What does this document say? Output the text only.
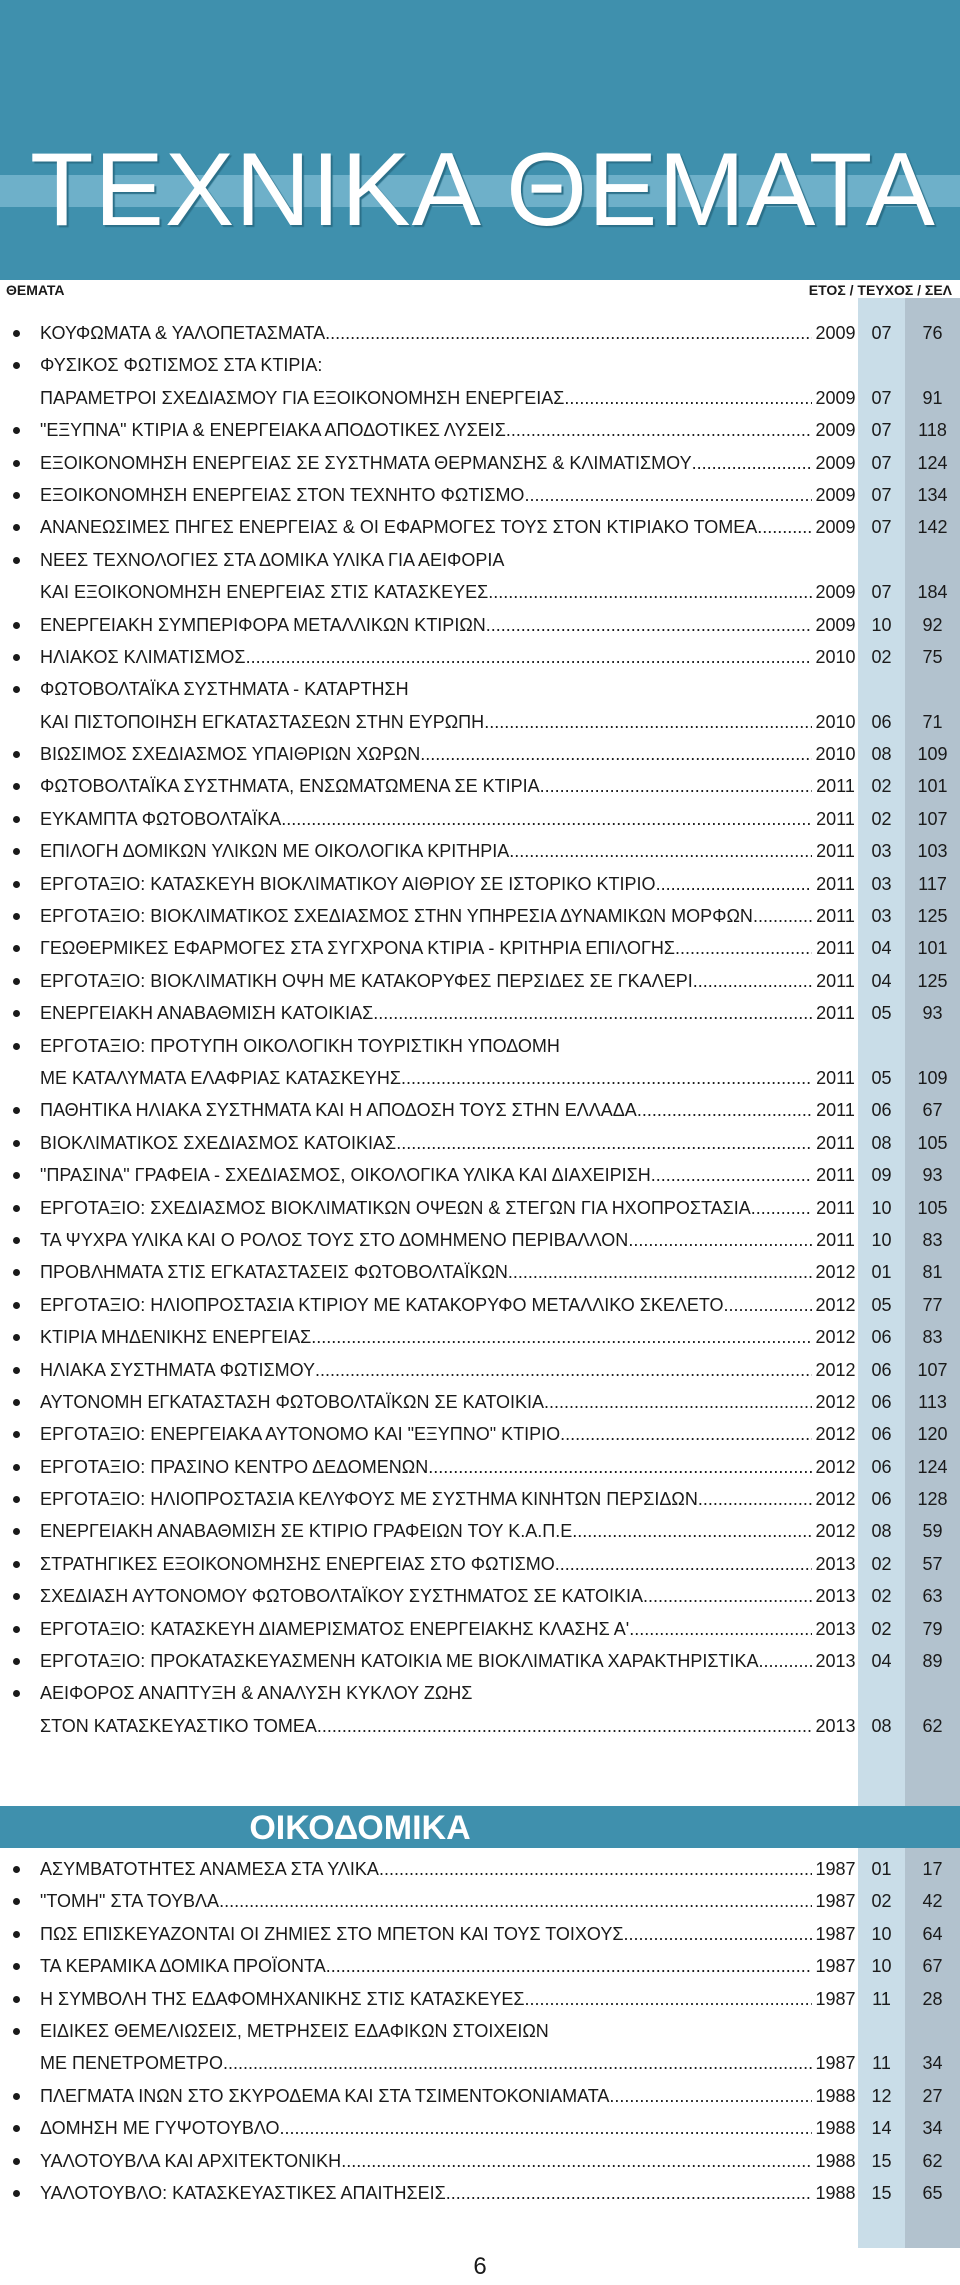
ΤΕΧΝΙΚΑ ΘΕΜΑΤΑ
ΘΕΜΑΤΑ	ΕΤΟΣ / ΤΕΥΧΟΣ / ΣΕΛ
ΚΟΥΦΩΜΑΤΑ & ΥΑΛΟΠΕΤΑΣΜΑΤΑ .....	2009 07	76
ΦΥΣΙΚΟΣ ΦΩΤΙΣΜΟΣ ΣΤΑ ΚΤΙΡΙΑ:
ΠΑΡΑΜΕΤΡΟΙ ΣΧΕΔΙΑΣΜΟΥ ΓΙΑ ΕΞΟΙΚΟΝΟΜΗΣΗ ΕΝΕΡΓΕΙΑΣ .....	2009 07	91
"ΕΞΥΠΝΑ" ΚΤΙΡΙΑ & ΕΝΕΡΓΕΙΑΚΑ ΑΠΟΔΟΤΙΚΕΣ ΛΥΣΕΙΣ .....	2009 07	118
ΕΞΟΙΚΟΝΟΜΗΣΗ ΕΝΕΡΓΕΙΑΣ ΣΕ ΣΥΣΤΗΜΑΤΑ ΘΕΡΜΑΝΣΗΣ & ΚΛΙΜΑΤΙΣΜΟΥ .....	2009 07	124
ΕΞΟΙΚΟΝΟΜΗΣΗ ΕΝΕΡΓΕΙΑΣ ΣΤΟΝ ΤΕΧΝΗΤΟ ΦΩΤΙΣΜΟ .....	2009 07	134
ΑΝΑΝΕΩΣΙΜΕΣ ΠΗΓΕΣ ΕΝΕΡΓΕΙΑΣ & ΟΙ ΕΦΑΡΜΟΓΕΣ ΤΟΥΣ ΣΤΟΝ ΚΤΙΡΙΑΚΟ ΤΟΜΕΑ .....	2009 07	142
ΝΕΕΣ ΤΕΧΝΟΛΟΓΙΕΣ ΣΤΑ ΔΟΜΙΚΑ ΥΛΙΚΑ ΓΙΑ ΑΕΙΦΟΡΙΑ
ΚΑΙ ΕΞΟΙΚΟΝΟΜΗΣΗ ΕΝΕΡΓΕΙΑΣ ΣΤΙΣ ΚΑΤΑΣΚΕΥΕΣ .....	2009 07	184
ΕΝΕΡΓΕΙΑΚΗ ΣΥΜΠΕΡΙΦΟΡΑ ΜΕΤΑΛΛΙΚΩΝ ΚΤΙΡΙΩΝ .....	2009 10	92
ΗΛΙΑΚΟΣ ΚΛΙΜΑΤΙΣΜΟΣ .....	2010 02	75
ΦΩΤΟΒΟΛΤΑΪΚΑ ΣΥΣΤΗΜΑΤΑ - ΚΑΤΑΡΤΗΣΗ
ΚΑΙ ΠΙΣΤΟΠΟΙΗΣΗ ΕΓΚΑΤΑΣΤΑΣΕΩΝ ΣΤΗΝ ΕΥΡΩΠΗ .....	2010 06	71
ΒΙΩΣΙΜΟΣ ΣΧΕΔΙΑΣΜΟΣ ΥΠΑΙΘΡΙΩΝ ΧΩΡΩΝ .....	2010 08	109
ΦΩΤΟΒΟΛΤΑΪΚΑ ΣΥΣΤΗΜΑΤΑ, ΕΝΣΩΜΑΤΩΜΕΝΑ ΣΕ ΚΤΙΡΙΑ .....	2011 02	101
ΕΥΚΑΜΠΤΑ ΦΩΤΟΒΟΛΤΑΪΚΑ .....	2011 02	107
ΕΠΙΛΟΓΗ ΔΟΜΙΚΩΝ ΥΛΙΚΩΝ ΜΕ ΟΙΚΟΛΟΓΙΚΑ ΚΡΙΤΗΡΙΑ .....	2011 03	103
ΕΡΓΟΤΑΞΙΟ: ΚΑΤΑΣΚΕΥΗ ΒΙΟΚΛΙΜΑΤΙΚΟΥ ΑΙΘΡΙΟΥ ΣΕ ΙΣΤΟΡΙΚΟ ΚΤΙΡΙΟ .....	2011 03	117
ΕΡΓΟΤΑΞΙΟ: ΒΙΟΚΛΙΜΑΤΙΚΟΣ ΣΧΕΔΙΑΣΜΟΣ ΣΤΗΝ ΥΠΗΡΕΣΙΑ ΔΥΝΑΜΙΚΩΝ ΜΟΡΦΩΝ .....	2011 03	125
ΓΕΩΘΕΡΜΙΚΕΣ ΕΦΑΡΜΟΓΕΣ ΣΤΑ ΣΥΓΧΡΟΝΑ ΚΤΙΡΙΑ - ΚΡΙΤΗΡΙΑ ΕΠΙΛΟΓΗΣ .....	2011 04	101
ΕΡΓΟΤΑΞΙΟ: ΒΙΟΚΛΙΜΑΤΙΚΗ ΟΨΗ ΜΕ ΚΑΤΑΚΟΡΥΦΕΣ ΠΕΡΣΙΔΕΣ ΣΕ ΓΚΑΛΕΡΙ .....	2011 04	125
ΕΝΕΡΓΕΙΑΚΗ ΑΝΑΒΑΘΜΙΣΗ ΚΑΤΟΙΚΙΑΣ .....	2011 05	93
ΕΡΓΟΤΑΞΙΟ: ΠΡΟΤΥΠΗ ΟΙΚΟΛΟΓΙΚΗ ΤΟΥΡΙΣΤΙΚΗ ΥΠΟΔΟΜΗ
ΜΕ ΚΑΤΑΛΥΜΑΤΑ ΕΛΑΦΡΙΑΣ ΚΑΤΑΣΚΕΥΗΣ .....	2011 05	109
ΠΑΘΗΤΙΚΑ ΗΛΙΑΚΑ ΣΥΣΤΗΜΑΤΑ ΚΑΙ Η ΑΠΟΔΟΣΗ ΤΟΥΣ ΣΤΗΝ ΕΛΛΑΔΑ .....	2011 06	67
ΒΙΟΚΛΙΜΑΤΙΚΟΣ ΣΧΕΔΙΑΣΜΟΣ ΚΑΤΟΙΚΙΑΣ .....	2011 08	105
"ΠΡΑΣΙΝΑ" ΓΡΑΦΕΙΑ - ΣΧΕΔΙΑΣΜΟΣ, ΟΙΚΟΛΟΓΙΚΑ ΥΛΙΚΑ ΚΑΙ ΔΙΑΧΕΙΡΙΣΗ .....	2011 09	93
ΕΡΓΟΤΑΞΙΟ: ΣΧΕΔΙΑΣΜΟΣ ΒΙΟΚΛΙΜΑΤΙΚΩΝ ΟΨΕΩΝ & ΣΤΕΓΩΝ ΓΙΑ ΗΧΟΠΡΟΣΤΑΣΙΑ .....	2011 10	105
ΤΑ ΨΥΧΡΑ ΥΛΙΚΑ ΚΑΙ Ο ΡΟΛΟΣ ΤΟΥΣ ΣΤΟ ΔΟΜΗΜΕΝΟ ΠΕΡΙΒΑΛΛΟΝ .....	2011 10	83
ΠΡΟΒΛΗΜΑΤΑ ΣΤΙΣ ΕΓΚΑΤΑΣΤΑΣΕΙΣ ΦΩΤΟΒΟΛΤΑΪΚΩΝ .....	2012 01	81
ΕΡΓΟΤΑΞΙΟ: ΗΛΙΟΠΡΟΣΤΑΣΙΑ ΚΤΙΡΙΟΥ ΜΕ ΚΑΤΑΚΟΡΥΦΟ ΜΕΤΑΛΛΙΚΟ ΣΚΕΛΕΤΟ .....	2012 05	77
ΚΤΙΡΙΑ ΜΗΔΕΝΙΚΗΣ ΕΝΕΡΓΕΙΑΣ .....	2012 06	83
ΗΛΙΑΚΑ ΣΥΣΤΗΜΑΤΑ ΦΩΤΙΣΜΟΥ .....	2012 06	107
ΑΥΤΟΝΟΜΗ ΕΓΚΑΤΑΣΤΑΣΗ ΦΩΤΟΒΟΛΤΑΪΚΩΝ ΣΕ ΚΑΤΟΙΚΙΑ .....	2012 06	113
ΕΡΓΟΤΑΞΙΟ: ΕΝΕΡΓΕΙΑΚΑ ΑΥΤΟΝΟΜΟ ΚΑΙ "ΕΞΥΠΝΟ" ΚΤΙΡΙΟ .....	2012 06	120
ΕΡΓΟΤΑΞΙΟ: ΠΡΑΣΙΝΟ ΚΕΝΤΡΟ ΔΕΔΟΜΕΝΩΝ .....	2012 06	124
ΕΡΓΟΤΑΞΙΟ: ΗΛΙΟΠΡΟΣΤΑΣΙΑ ΚΕΛΥΦΟΥΣ ΜΕ ΣΥΣΤΗΜΑ ΚΙΝΗΤΩΝ ΠΕΡΣΙΔΩΝ .....	2012 06	128
ΕΝΕΡΓΕΙΑΚΗ ΑΝΑΒΑΘΜΙΣΗ ΣΕ ΚΤΙΡΙΟ ΓΡΑΦΕΙΩΝ ΤΟΥ Κ.Α.Π.Ε. .....	2012 08	59
ΣΤΡΑΤΗΓΙΚΕΣ ΕΞΟΙΚΟΝΟΜΗΣΗΣ ΕΝΕΡΓΕΙΑΣ ΣΤΟ ΦΩΤΙΣΜΟ .....	2013 02	57
ΣΧΕΔΙΑΣΗ ΑΥΤΟΝΟΜΟΥ ΦΩΤΟΒΟΛΤΑΪΚΟΥ ΣΥΣΤΗΜΑΤΟΣ ΣΕ ΚΑΤΟΙΚΙΑ .....	2013 02	63
ΕΡΓΟΤΑΞΙΟ: ΚΑΤΑΣΚΕΥΗ ΔΙΑΜΕΡΙΣΜΑΤΟΣ ΕΝΕΡΓΕΙΑΚΗΣ ΚΛΑΣΗΣ Α' .....	2013 02	79
ΕΡΓΟΤΑΞΙΟ: ΠΡΟΚΑΤΑΣΚΕΥΑΣΜΕΝΗ ΚΑΤΟΙΚΙΑ ΜΕ ΒΙΟΚΛΙΜΑΤΙΚΑ ΧΑΡΑΚΤΗΡΙΣΤΙΚΑ .....	2013 04	89
ΑΕΙΦΟΡΟΣ ΑΝΑΠΤΥΞΗ & ΑΝΑΛΥΣΗ ΚΥΚΛΟΥ ΖΩΗΣ
ΣΤΟΝ ΚΑΤΑΣΚΕΥΑΣΤΙΚΟ ΤΟΜΕΑ .....	2013 08	62
ΟΙΚΟΔΟΜΙΚΑ
ΑΣΥΜΒΑΤΟΤΗΤΕΣ ΑΝΑΜΕΣΑ ΣΤΑ ΥΛΙΚΑ .....	1987 01	17
"ΤΟΜΗ" ΣΤΑ ΤΟΥΒΛΑ .....	1987 02	42
ΠΩΣ ΕΠΙΣΚΕΥΑΖΟΝΤΑΙ ΟΙ ΖΗΜΙΕΣ ΣΤΟ ΜΠΕΤΟΝ ΚΑΙ ΤΟΥΣ ΤΟΙΧΟΥΣ .....	1987 10	64
ΤΑ ΚΕΡΑΜΙΚΑ ΔΟΜΙΚΑ ΠΡΟΪΟΝΤΑ .....	1987 10	67
Η ΣΥΜΒΟΛΗ ΤΗΣ ΕΔΑΦΟΜΗΧΑΝΙΚΗΣ ΣΤΙΣ ΚΑΤΑΣΚΕΥΕΣ .....	1987 11	28
ΕΙΔΙΚΕΣ ΘΕΜΕΛΙΩΣΕΙΣ, ΜΕΤΡΗΣΕΙΣ ΕΔΑΦΙΚΩΝ ΣΤΟΙΧΕΙΩΝ
ΜΕ ΠΕΝΕΤΡΟΜΕΤΡΟ .....	1987 11	34
ΠΛΕΓΜΑΤΑ ΙΝΩΝ ΣΤΟ ΣΚΥΡΟΔΕΜΑ ΚΑΙ ΣΤΑ ΤΣΙΜΕΝΤΟΚΟΝΙΑΜΑΤΑ .....	1988 12	27
ΔΟΜΗΣΗ ΜΕ ΓΥΨΟΤΟΥΒΛΟ .....	1988 14	34
ΥΑΛΟΤΟΥΒΛΑ ΚΑΙ ΑΡΧΙΤΕΚΤΟΝΙΚΗ .....	1988 15	62
ΥΑΛΟΤΟΥΒΛΟ: ΚΑΤΑΣΚΕΥΑΣΤΙΚΕΣ ΑΠΑΙΤΗΣΕΙΣ .....	1988 15	65
6
